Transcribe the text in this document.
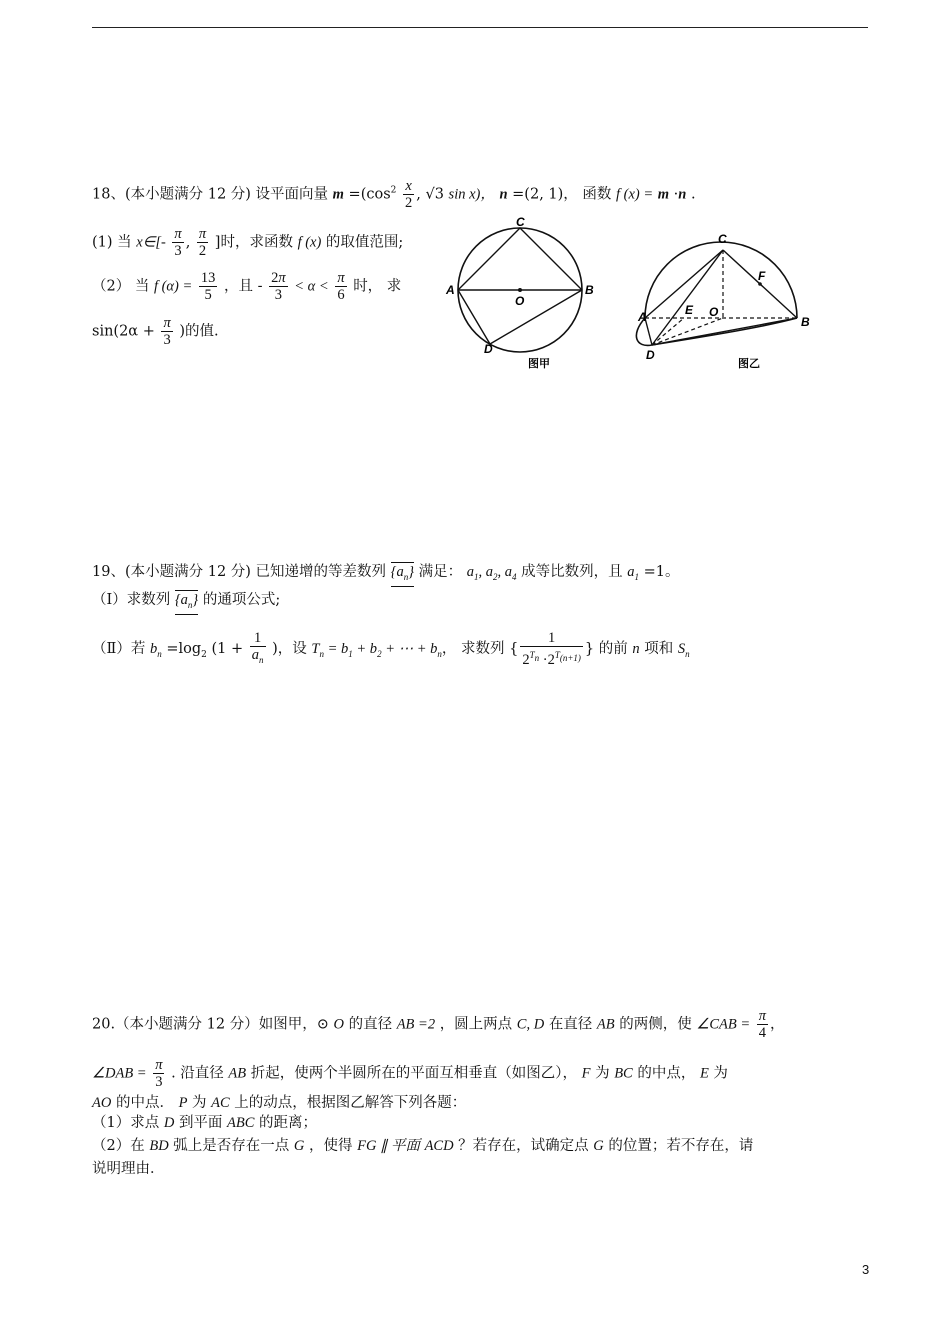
18、(本小题满分 12 分) 设平面向量 $m =(\cos^2 \frac{x}{2}$ , √3 sin x)， n =(2, 1)， 函数 f (x) = m ·n .
(1) 当 x∈[- $\frac{\pi}{3}$ , $\frac{\pi}{2}$ ]时，求函数 f (x) 的取值范围;
（2） 当 f $(\alpha) = \frac{13}{5}$ ，且 - $\frac{2\pi}{3} < \alpha < \frac{\pi}{6}$ 时， 求
$\sin(2\alpha + \frac{\pi}{3}$ )的值.
C
A	B
O
D
图甲
C
A	B
O
E
F
D
图乙
19、(本小题满分 12 分) 已知递增的等差数列 $\{a_n\}$ 满足： $a_1$, $a_2$, $a_4$ 成等比数列，且 $a_1 =1$。
（Ⅰ）求数列 $\{a_n\}$ 的通项公式;
（Ⅱ）若 $b_n =\log_2$ ($1 + \frac{1}{a_n}$ )，设 $T_n = b_1 + b_2$ + ⋯ + $b_n$， 求数列 { $\frac{1}{2^{T_n} \cdot 2^{T_{(n+1)}}}$ } 的前 n 项和 $S_n$
20.（本小题满分 12 分）如图甲，⊙ O 的直径 AB =2 ，圆上两点 C, D 在直径 AB 的两侧，使 ∠CAB = $\frac{\pi}{4}$ ，
∠DAB = $\frac{\pi}{3}$ . 沿直径 AB 折起，使两个半圆所在的平面互相垂直（如图乙）， F 为 BC 的中点， E 为
AO 的中点． P 为 AC 上的动点，根据图乙解答下列各题：
（1）求点 D 到平面 ABC 的距离；
（2）在 BD 弧上是否存在一点 G ，使得 FG ∥ 平面 ACD ？若存在，试确定点 G 的位置；若不存在，请
说明理由．
3
